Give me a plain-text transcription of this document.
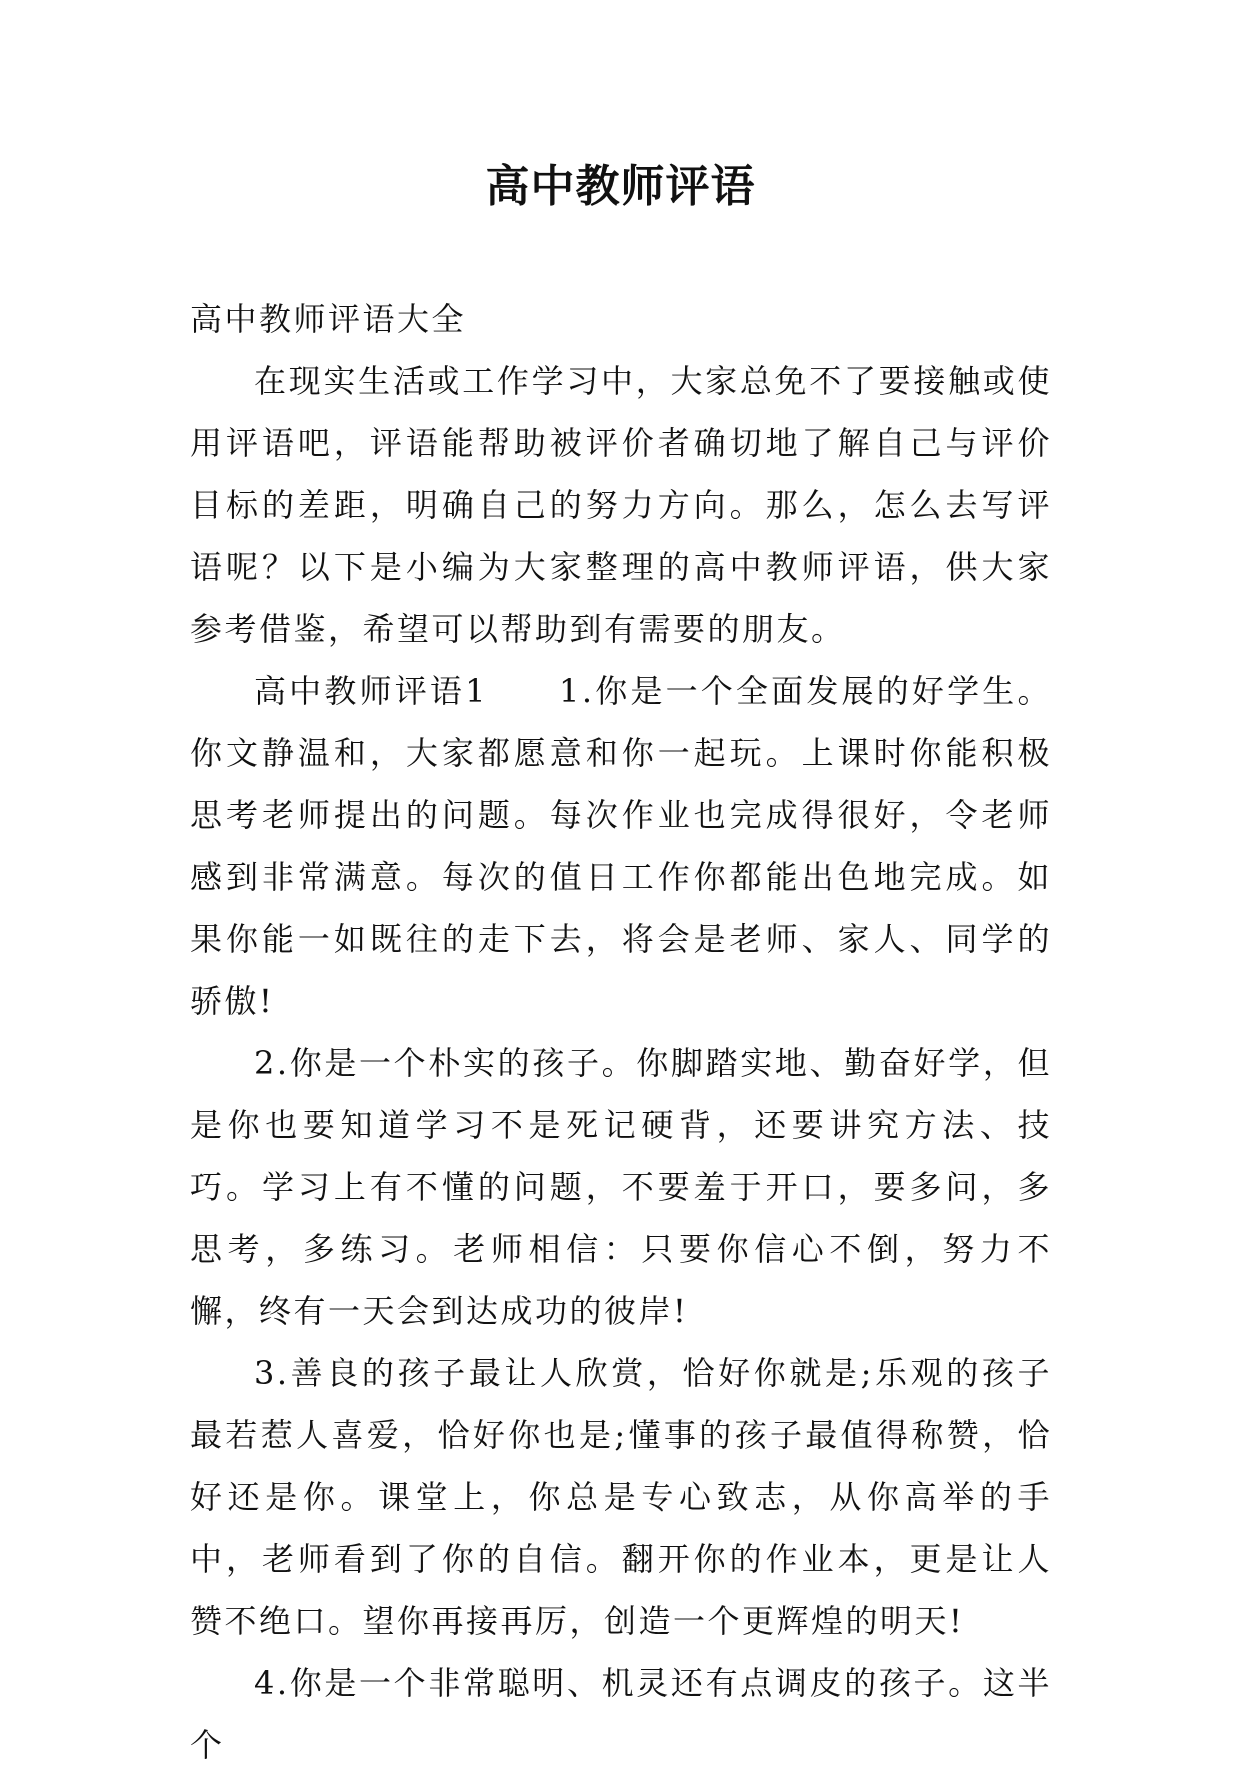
高中教师评语

高中教师评语大全

在现实生活或工作学习中，大家总免不了要接触或使用评语吧，评语能帮助被评价者确切地了解自己与评价目标的差距，明确自己的努力方向。那么，怎么去写评语呢？以下是小编为大家整理的高中教师评语，供大家参考借鉴，希望可以帮助到有需要的朋友。

高中教师评语1　　1.你是一个全面发展的好学生。你文静温和，大家都愿意和你一起玩。上课时你能积极思考老师提出的问题。每次作业也完成得很好，令老师感到非常满意。每次的值日工作你都能出色地完成。如果你能一如既往的走下去，将会是老师、家人、同学的骄傲!

2.你是一个朴实的孩子。你脚踏实地、勤奋好学，但是你也要知道学习不是死记硬背，还要讲究方法、技巧。学习上有不懂的问题，不要羞于开口，要多问，多思考，多练习。老师相信：只要你信心不倒，努力不懈，终有一天会到达成功的彼岸!

3.善良的孩子最让人欣赏，恰好你就是;乐观的孩子最若惹人喜爱，恰好你也是;懂事的孩子最值得称赞，恰好还是你。课堂上，你总是专心致志，从你高举的手中，老师看到了你的自信。翻开你的作业本，更是让人赞不绝口。望你再接再厉，创造一个更辉煌的明天!

4.你是一个非常聪明、机灵还有点调皮的孩子。这半个
